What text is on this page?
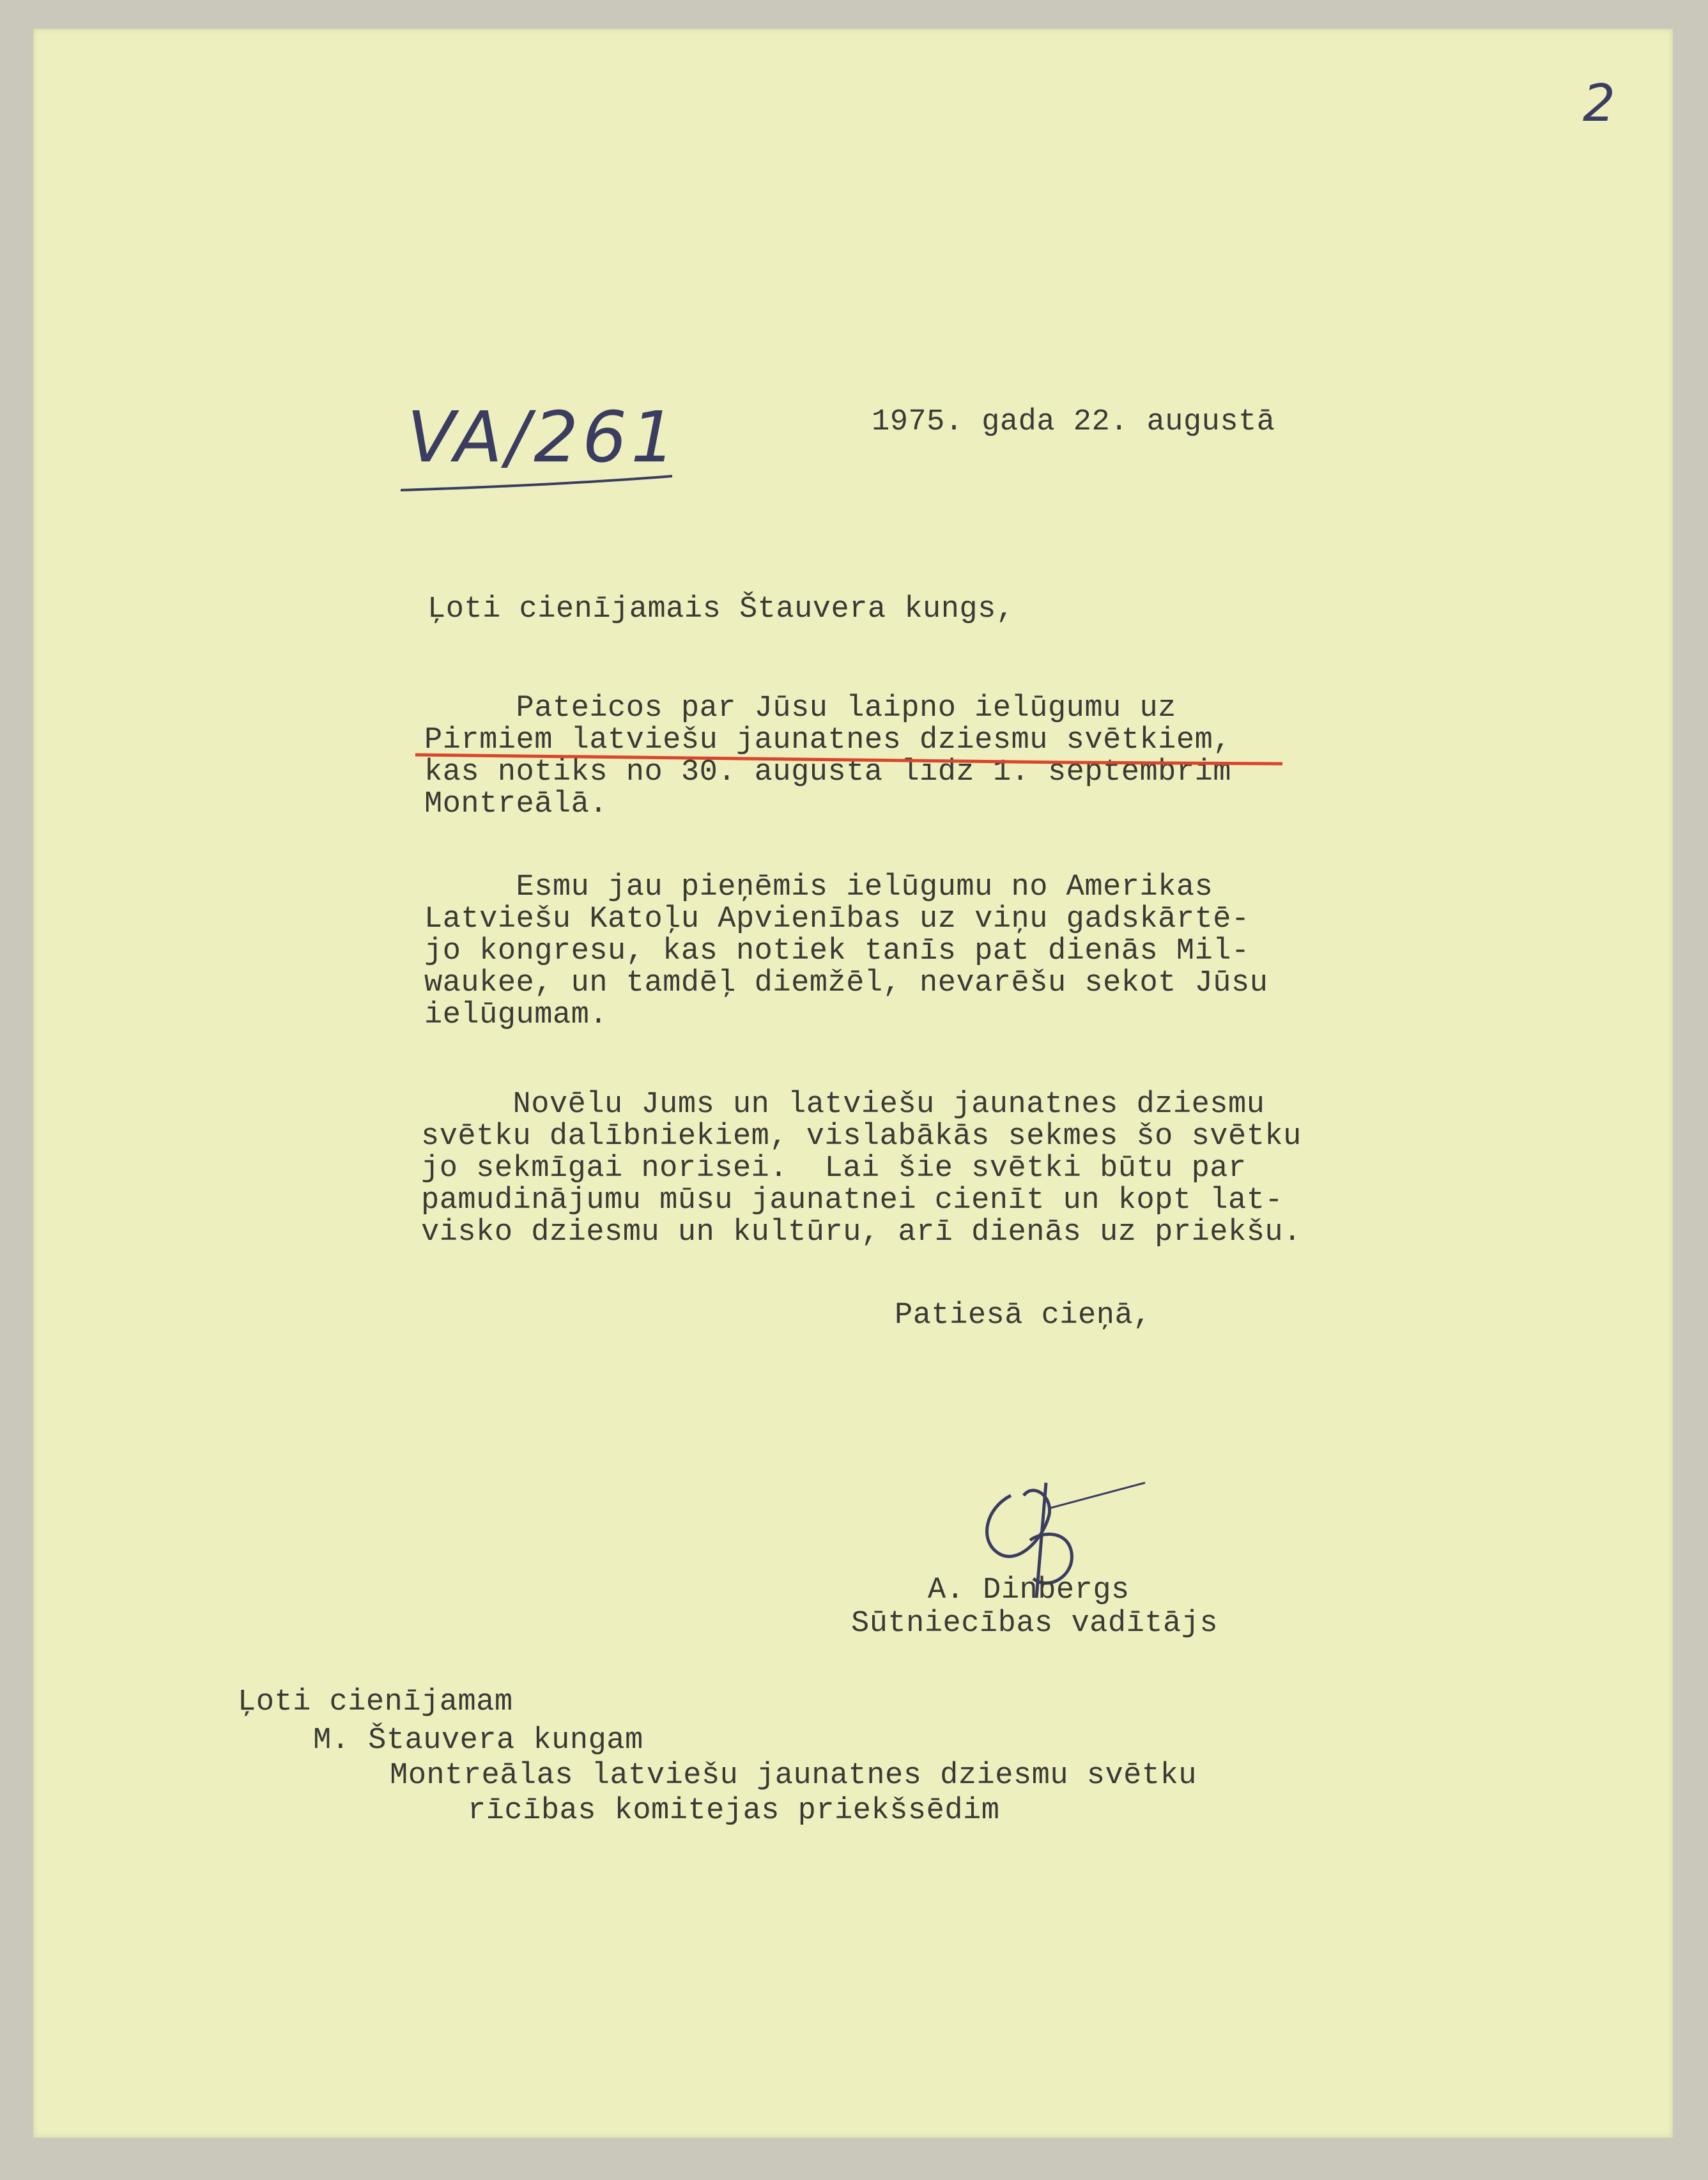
2
VA/261	1975. gada 22. augustā
Ļoti cienījamais Štauvera kungs,
Pateicos par Jūsu laipno ielūgumu uz
Pirmiem latviešu jaunatnes dziesmu svētkiem,
kas notiks no 30. augusta līdz 1. septembrim
Montreālā.
Esmu jau pieņēmis ielūgumu no Amerikas
Latviešu Katoļu Apvienības uz viņu gadskārtē-
jo kongresu, kas notiek tanīs pat dienās Mil-
waukee, un tamdēļ diemžēl, nevarēšu sekot Jūsu
ielūgumam.
Novēlu Jums un latviešu jaunatnes dziesmu
svētku dalībniekiem, vislabākās sekmes šo svētku
jo sekmīgai norisei.  Lai šie svētki būtu par
pamudinājumu mūsu jaunatnei cienīt un kopt lat-
visko dziesmu un kultūru, arī dienās uz priekšu.
Patiesā cieņā,
A. Dinbergs
Sūtniecības vadītājs
Ļoti cienījamam
M. Štauvera kungam
Montreālas latviešu jaunatnes dziesmu svētku
rīcības komitejas priekšsēdim
